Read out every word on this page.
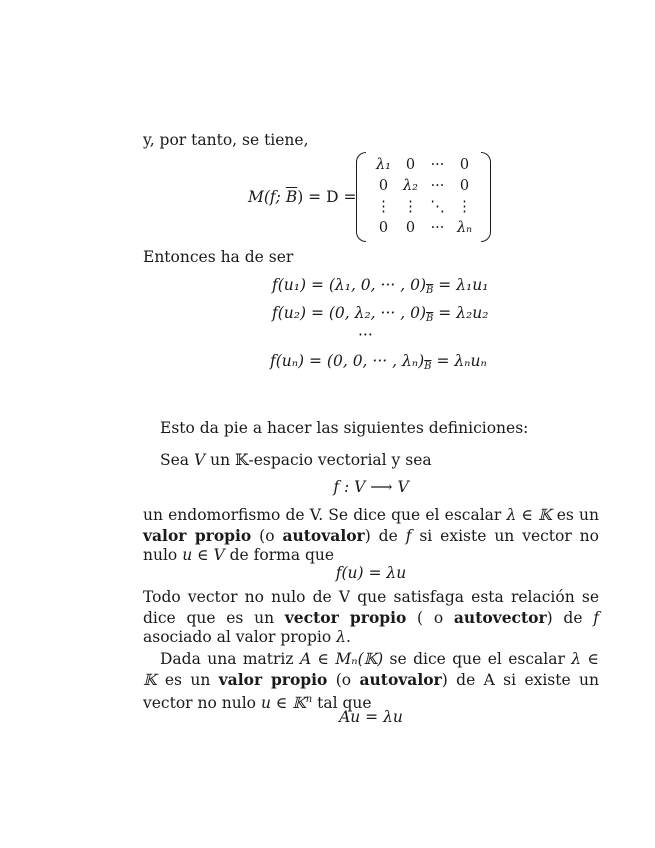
y, por tanto, se tiene,
M(f; $\overline{B}) = D$ =
λ₁	0	···	0
0	λ₂ ···	0
⋮ ⋮ ⋱ ⋮
0	0	··· λₙ
Entonces ha de ser
f(u₁) = (λ₁, 0, ··· , $0)_{\overline{B}} = \lambda_1u_1$
f(u₂) = (0, λ₂, ··· , $0)_{\overline{B}} = \lambda_2u_2$
···
f(uₙ) = (0, 0, ··· , $\lambda_n)_{\overline{B}} = \lambda_nu_n$
Esto da pie a hacer las siguientes definiciones:
Sea V un 𝕂-espacio vectorial y sea
f : V ⟶ V
un endomorfismo de V. Se dice que el escalar λ ∈ 𝕂 es un valor propio (o autovalor) de f si existe un vector no nulo u ∈ V de forma que
f(u) = λu
Todo vector no nulo de V que satisfaga esta relación se dice que es un vector propio ( o autovector) de f asociado al valor propio λ.
Dada una matriz A ∈ Mₙ(𝕂) se dice que el escalar λ ∈ 𝕂 es un valor propio (o autovalor) de A si existe un vector no nulo u ∈ 𝕂$^n$ tal que
Au = λu
